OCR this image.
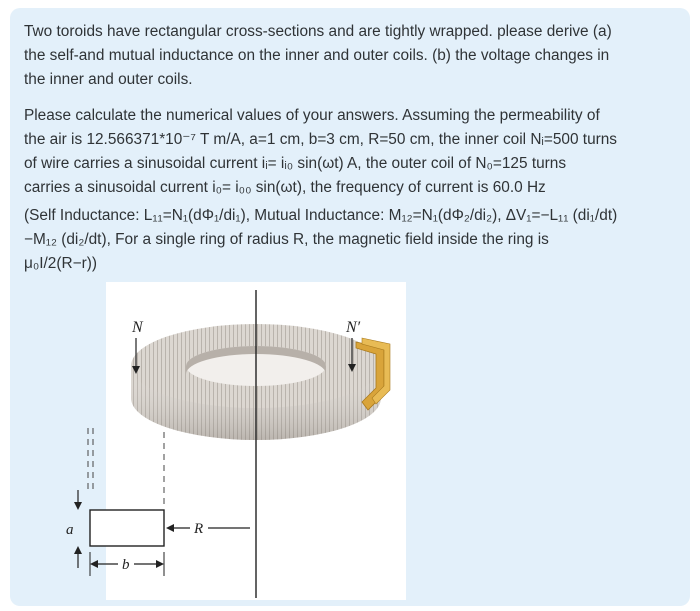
Two toroids have rectangular cross-sections and are tightly wrapped. please derive (a)
the self-and mutual inductance on the inner and outer coils. (b) the voltage changes in
the inner and outer coils.
Please calculate the numerical values of your answers. Assuming the permeability of
the air is 12.566371*10⁻⁷ T m/A, a=1 cm, b=3 cm, R=50 cm, the inner coil Nᵢ=500 turns
of wire carries a sinusoidal current iᵢ= iᵢ₀ sin(ωt) A, the outer coil of N₀=125 turns
carries a sinusoidal current i₀= i₀₀ sin(ωt), the frequency of current is 60.0 Hz
(Self Inductance: L₁₁=N₁(dΦ₁/di₁), Mutual Inductance: M₁₂=N₁(dΦ₂/di₂), ΔV₁=−L₁₁ (di₁/dt)
−M₁₂ (di₂/dt), For a single ring of radius R, the magnetic field inside the ring is
μ₀I/2(R−r))
N	N′
a
b
R
